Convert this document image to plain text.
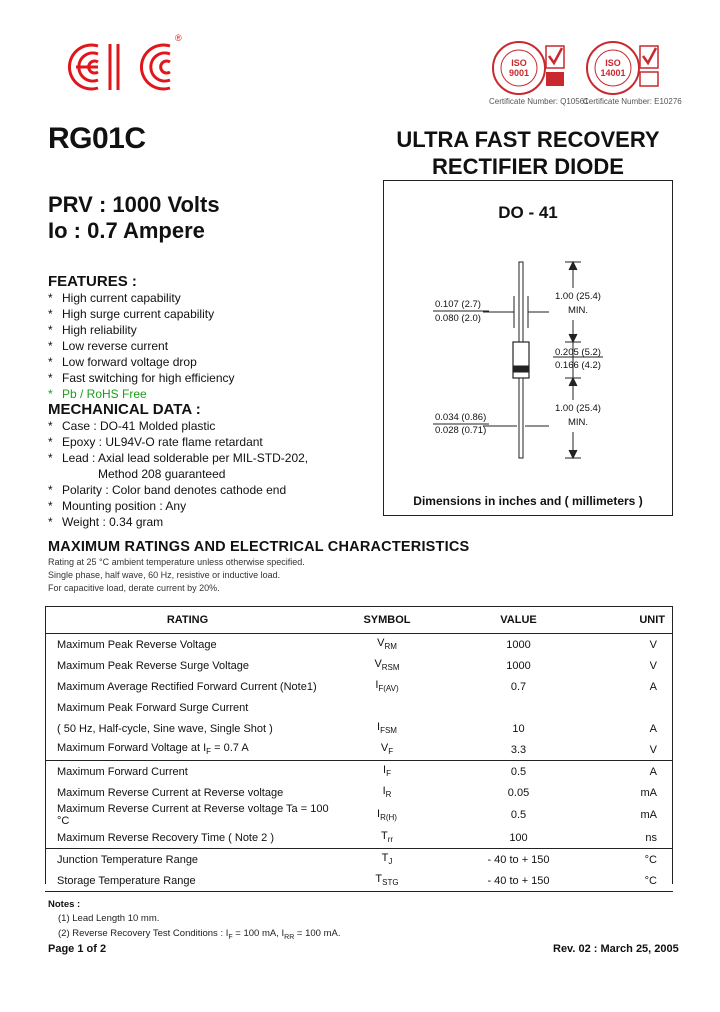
®
ISO
9001
ISO
14001
Certificate Number: Q10561
Certificate Number: E10276
RG01C	ULTRA FAST RECOVERY
RECTIFIER DIODE
PRV : 1000 Volts
Io : 0.7 Ampere
FEATURES :
* High current capability
* High surge current capability
* High reliability
* Low reverse current
* Low forward voltage drop
* Fast switching for high efficiency
* Pb / RoHS Free
MECHANICAL DATA :
* Case : DO-41 Molded plastic
* Epoxy : UL94V-O rate flame retardant
* Lead : Axial lead solderable per MIL-STD-202,
Method 208 guaranteed
* Polarity : Color band denotes cathode end
* Mounting position : Any
* Weight : 0.34 gram
DO - 41
0.107 (2.7)
0.080 (2.0)
1.00 (25.4)
MIN.
0.205 (5.2)
0.166 (4.2)
0.034 (0.86)
0.028 (0.71)
1.00 (25.4)
MIN.
Dimensions in inches and ( millimeters )
MAXIMUM RATINGS AND ELECTRICAL CHARACTERISTICS
Rating at 25 °C ambient temperature unless otherwise specified.
Single phase, half wave, 60 Hz, resistive or inductive load.
For capacitive load, derate current by 20%.
RATING	SYMBOL	VALUE	UNIT
Maximum Peak Reverse Voltage	$V_{RM}$	1000	V
Maximum Peak Reverse Surge Voltage	$V_{RSM}$	1000	V
Maximum Average Rectified Forward Current (Note1)	$I_{F(AV)}$	0.7	A
Maximum Peak Forward Surge Current			
( 50 Hz, Half-cycle, Sine wave, Single Shot )	$I_{FSM}$	10	A
Maximum Forward Voltage at $I_F = 0.7$ A	$V_F$	3.3	V
Maximum Forward Current	$I_F$	0.5	A
Maximum Reverse Current at Reverse voltage	$I_R$	0.05	mA
Maximum Reverse Current at Reverse voltage Ta = 100 °C	$I_{R(H)}$	0.5	mA
Maximum Reverse Recovery Time ( Note 2 )	$T_{rr}$	100	ns
Junction Temperature Range	$T_J$	- 40 to + 150	°C
Storage Temperature Range	$T_{STG}$	- 40 to + 150	°C
Notes :
(1) Lead Length 10 mm.
(2) Reverse Recovery Test Conditions : $I_F = 100$ mA, $I_{RR} = 100$ mA.
Page 1 of 2	Rev. 02 : March 25, 2005
